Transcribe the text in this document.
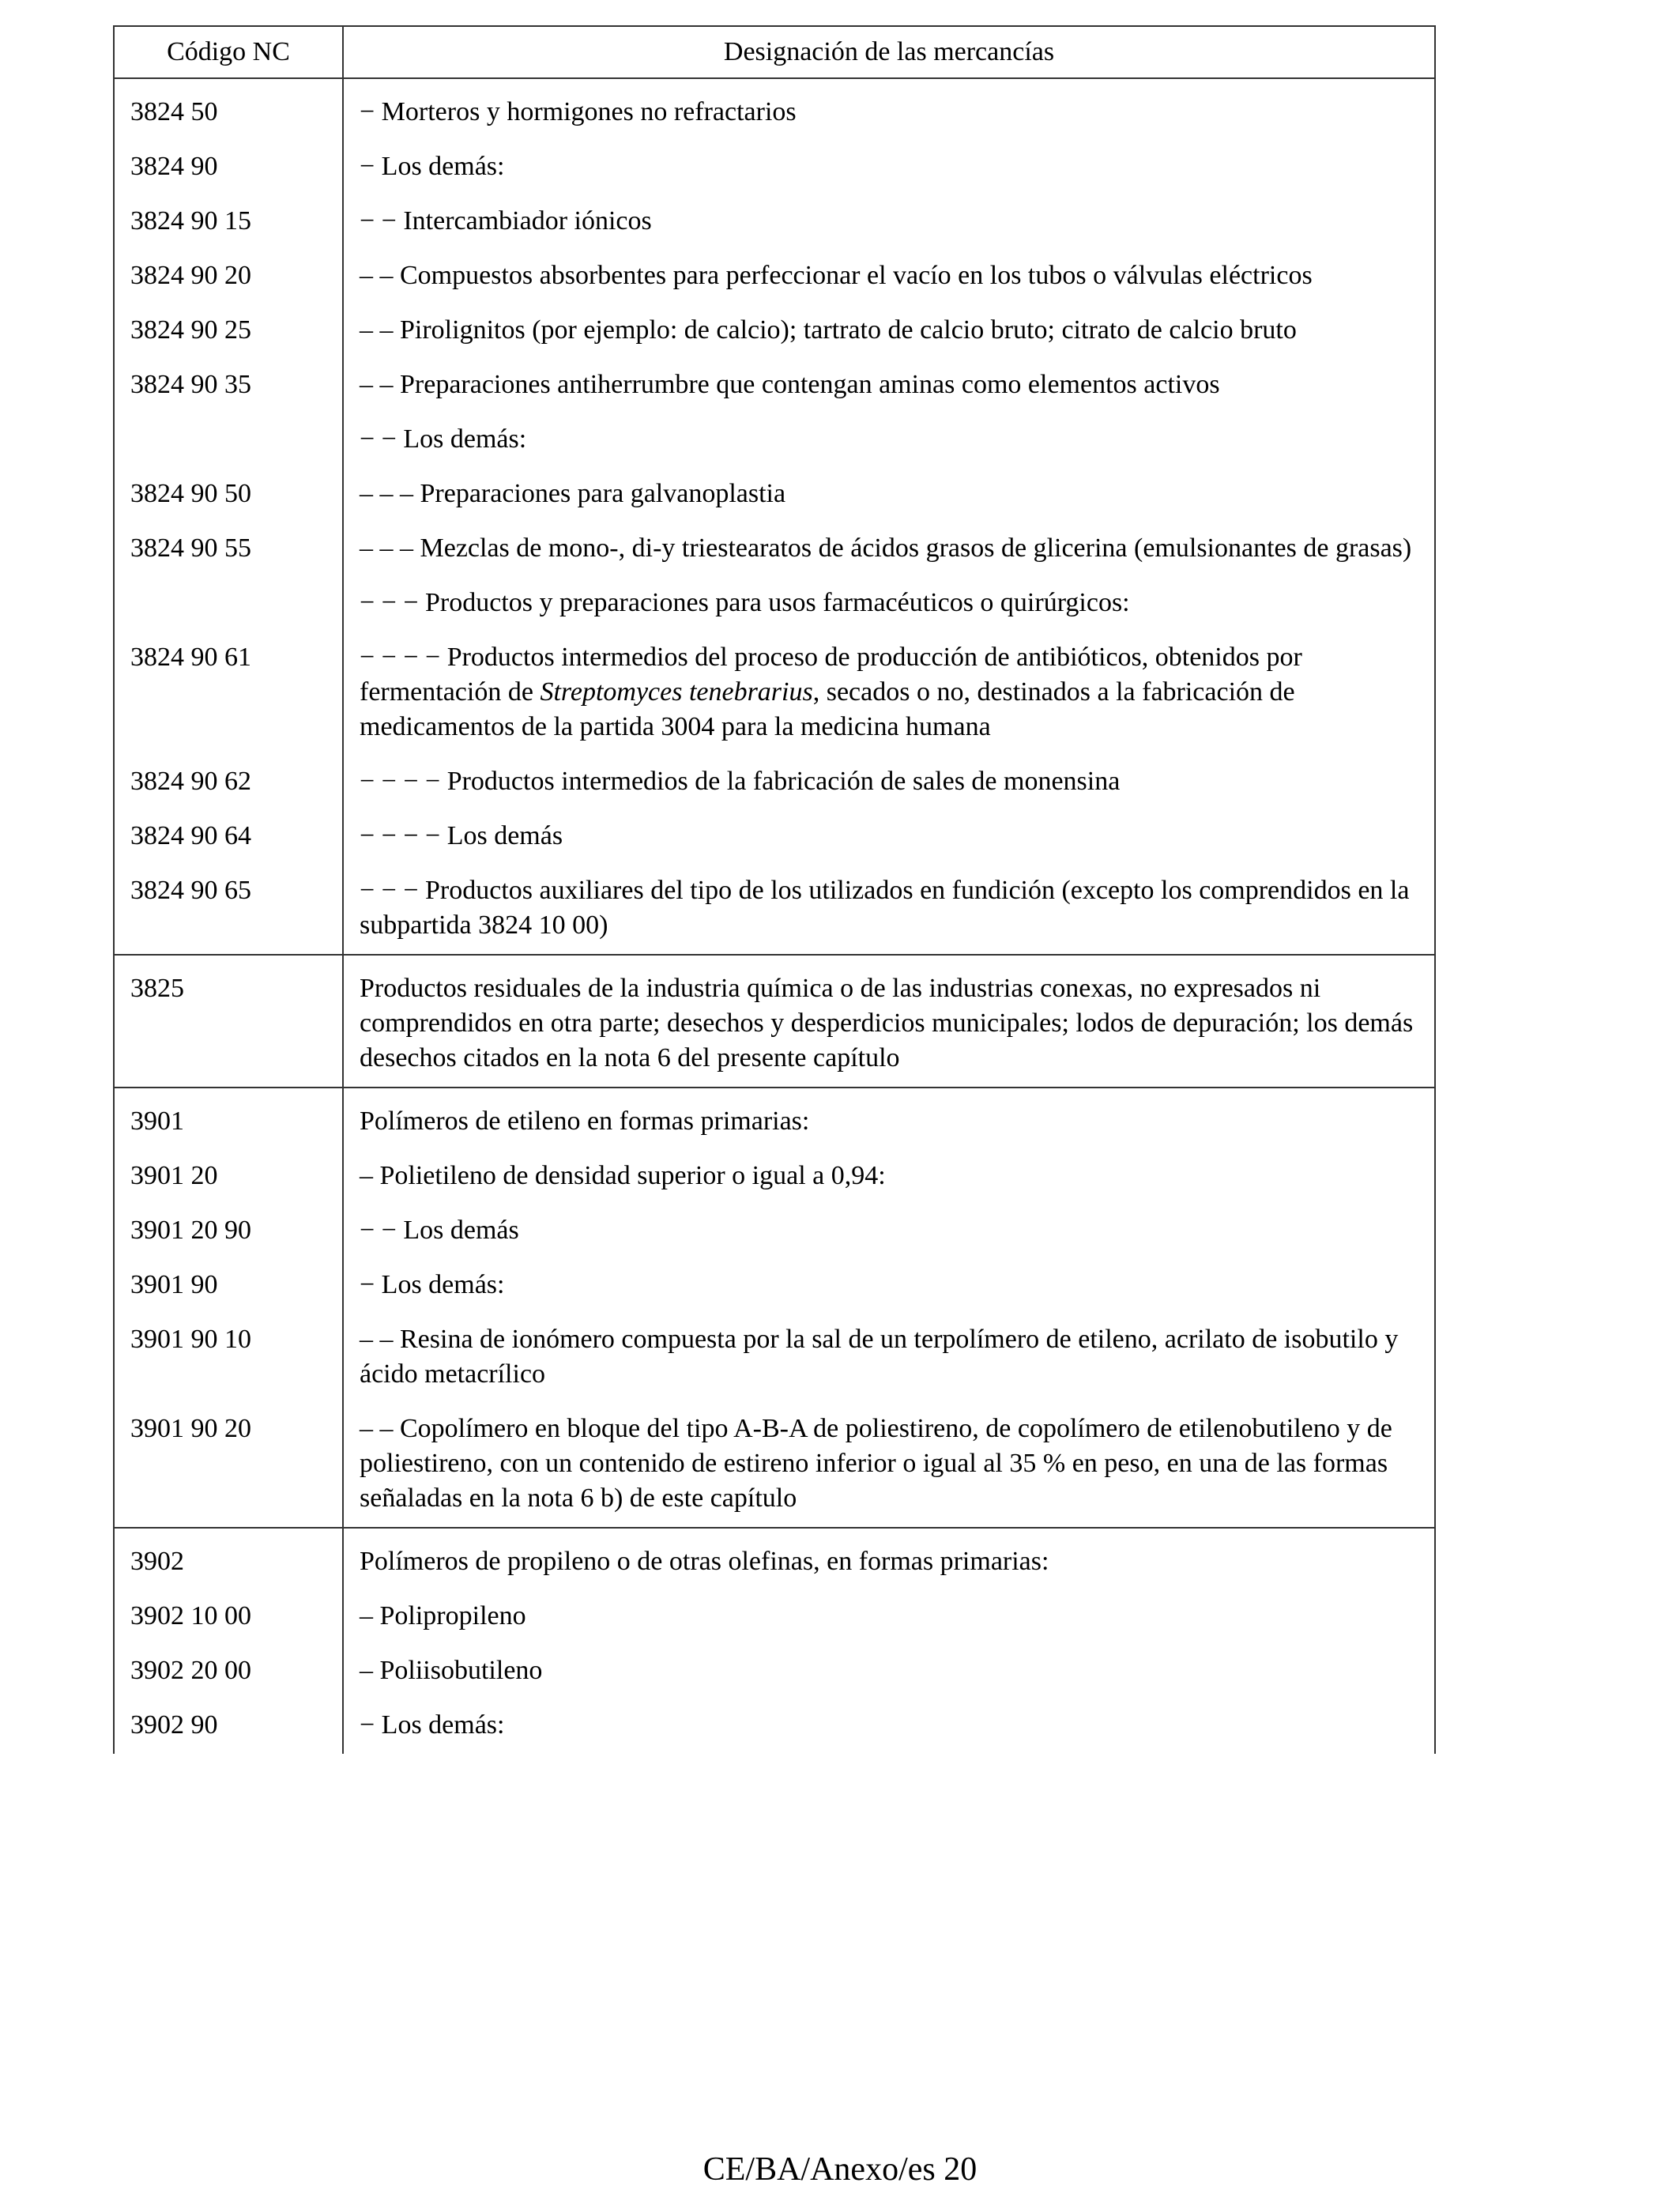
Código NC	Designación de las mercancías
3824 50	− Morteros y hormigones no refractarios
3824 90	− Los demás:
3824 90 15	− − Intercambiador iónicos
3824 90 20	– – Compuestos absorbentes para perfeccionar el vacío en los tubos o válvulas eléctricos
3824 90 25	– – Pirolignitos (por ejemplo: de calcio); tartrato de calcio bruto; citrato de calcio bruto
3824 90 35	– – Preparaciones antiherrumbre que contengan aminas como elementos activos
	− − Los demás:
3824 90 50	– – – Preparaciones para galvanoplastia
3824 90 55	– – – Mezclas de mono-, di-y triestearatos de ácidos grasos de glicerina (emulsionantes de grasas)
	− − − Productos y preparaciones para usos farmacéuticos o quirúrgicos:
3824 90 61	− − − − Productos intermedios del proceso de producción de antibióticos, obtenidos por fermentación de Streptomyces tenebrarius, secados o no, destinados a la fabricación de medicamentos de la partida 3004 para la medicina humana
3824 90 62	− − − − Productos intermedios de la fabricación de sales de monensina
3824 90 64	− − − − Los demás
3824 90 65	− − − Productos auxiliares del tipo de los utilizados en fundición (excepto los comprendidos en la subpartida 3824 10 00)
3825	Productos residuales de la industria química o de las industrias conexas, no expresados ni comprendidos en otra parte; desechos y desperdicios municipales; lodos de depuración; los demás desechos citados en la nota 6 del presente capítulo
3901	Polímeros de etileno en formas primarias:
3901 20	– Polietileno de densidad superior o igual a 0,94:
3901 20 90	− − Los demás
3901 90	− Los demás:
3901 90 10	– – Resina de ionómero compuesta por la sal de un terpolímero de etileno, acrilato de isobutilo y ácido metacrílico
3901 90 20	– – Copolímero en bloque del tipo A-B-A de poliestireno, de copolímero de etilenobutileno y de poliestireno, con un contenido de estireno inferior o igual al 35 % en peso, en una de las formas señaladas en la nota 6 b) de este capítulo
3902	Polímeros de propileno o de otras olefinas, en formas primarias:
3902 10 00	– Polipropileno
3902 20 00	– Poliisobutileno
3902 90	− Los demás:
CE/BA/Anexo/es 20
